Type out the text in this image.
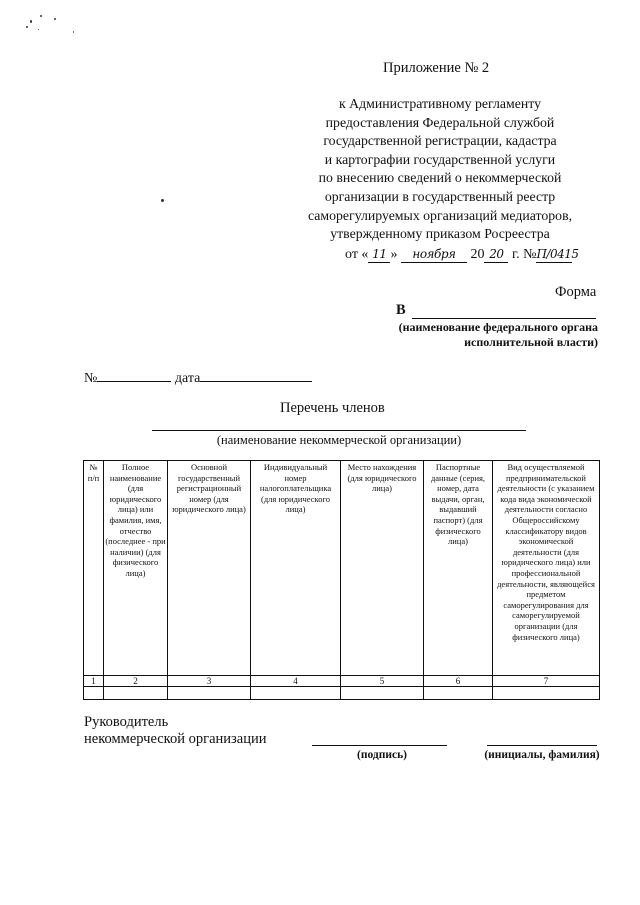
Приложение № 2
к Административному регламенту
предоставления Федеральной службой
государственной регистрации, кадастра
и картографии государственной услуги
по внесению сведений о некоммерческой
организации в государственный реестр
саморегулируемых организаций медиаторов,
утвержденному приказом Росреестра
от « 11 » ноября 20 20 г. №П/0415
Форма
В
(наименование федерального органа
исполнительной власти)
№	дата
Перечень членов
(наименование некоммерческой организации)
№ п/п	Полное наименование (для юридического лица) или фамилия, имя, отчество (последнее - при наличии) (для физического лица)	Основной государственный регистрационный номер (для юридического лица)	Индивидуальный номер налогоплательщика (для юридического лица)	Место нахождения (для юридического лица)	Паспортные данные (серия, номер, дата выдачи, орган, выдавший паспорт) (для физического лица)	Вид осуществляемой предпринимательской деятельности (с указанием кода вида экономической деятельности согласно Общероссийскому классификатору видов экономической деятельности (для юридического лица) или профессиональной деятельности, являющейся предметом саморегулирования для саморегулируемой организации (для физического лица)
1	2	3	4	5	6	7

Руководитель
некоммерческой организации
(подпись)	(инициалы, фамилия)
